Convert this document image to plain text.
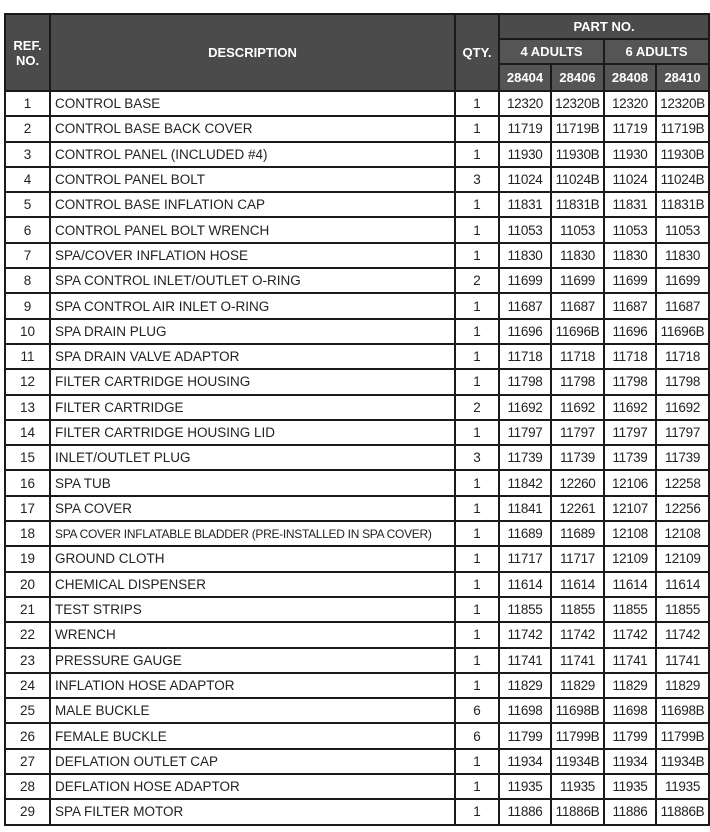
REF. NO.	DESCRIPTION	QTY.	PART NO.			
			4 ADULTS		6 ADULTS	
			28404	28406	28408	28410
1	CONTROL BASE	1	12320	12320B	12320	12320B
2	CONTROL BASE BACK COVER	1	11719	11719B	11719	11719B
3	CONTROL PANEL (INCLUDED #4)	1	11930	11930B	11930	11930B
4	CONTROL PANEL BOLT	3	11024	11024B	11024	11024B
5	CONTROL BASE INFLATION CAP	1	11831	11831B	11831	11831B
6	CONTROL PANEL BOLT WRENCH	1	11053	11053	11053	11053
7	SPA/COVER INFLATION HOSE	1	11830	11830	11830	11830
8	SPA CONTROL INLET/OUTLET O-RING	2	11699	11699	11699	11699
9	SPA CONTROL AIR INLET O-RING	1	11687	11687	11687	11687
10	SPA DRAIN PLUG	1	11696	11696B	11696	11696B
11	SPA DRAIN VALVE ADAPTOR	1	11718	11718	11718	11718
12	FILTER CARTRIDGE HOUSING	1	11798	11798	11798	11798
13	FILTER CARTRIDGE	2	11692	11692	11692	11692
14	FILTER CARTRIDGE HOUSING LID	1	11797	11797	11797	11797
15	INLET/OUTLET PLUG	3	11739	11739	11739	11739
16	SPA TUB	1	11842	12260	12106	12258
17	SPA COVER	1	11841	12261	12107	12256
18	SPA COVER INFLATABLE BLADDER (PRE-INSTALLED IN SPA COVER)	1	11689	11689	12108	12108
19	GROUND CLOTH	1	11717	11717	12109	12109
20	CHEMICAL DISPENSER	1	11614	11614	11614	11614
21	TEST STRIPS	1	11855	11855	11855	11855
22	WRENCH	1	11742	11742	11742	11742
23	PRESSURE GAUGE	1	11741	11741	11741	11741
24	INFLATION HOSE ADAPTOR	1	11829	11829	11829	11829
25	MALE BUCKLE	6	11698	11698B	11698	11698B
26	FEMALE BUCKLE	6	11799	11799B	11799	11799B
27	DEFLATION OUTLET CAP	1	11934	11934B	11934	11934B
28	DEFLATION HOSE ADAPTOR	1	11935	11935	11935	11935
29	SPA FILTER MOTOR	1	11886	11886B	11886	11886B
